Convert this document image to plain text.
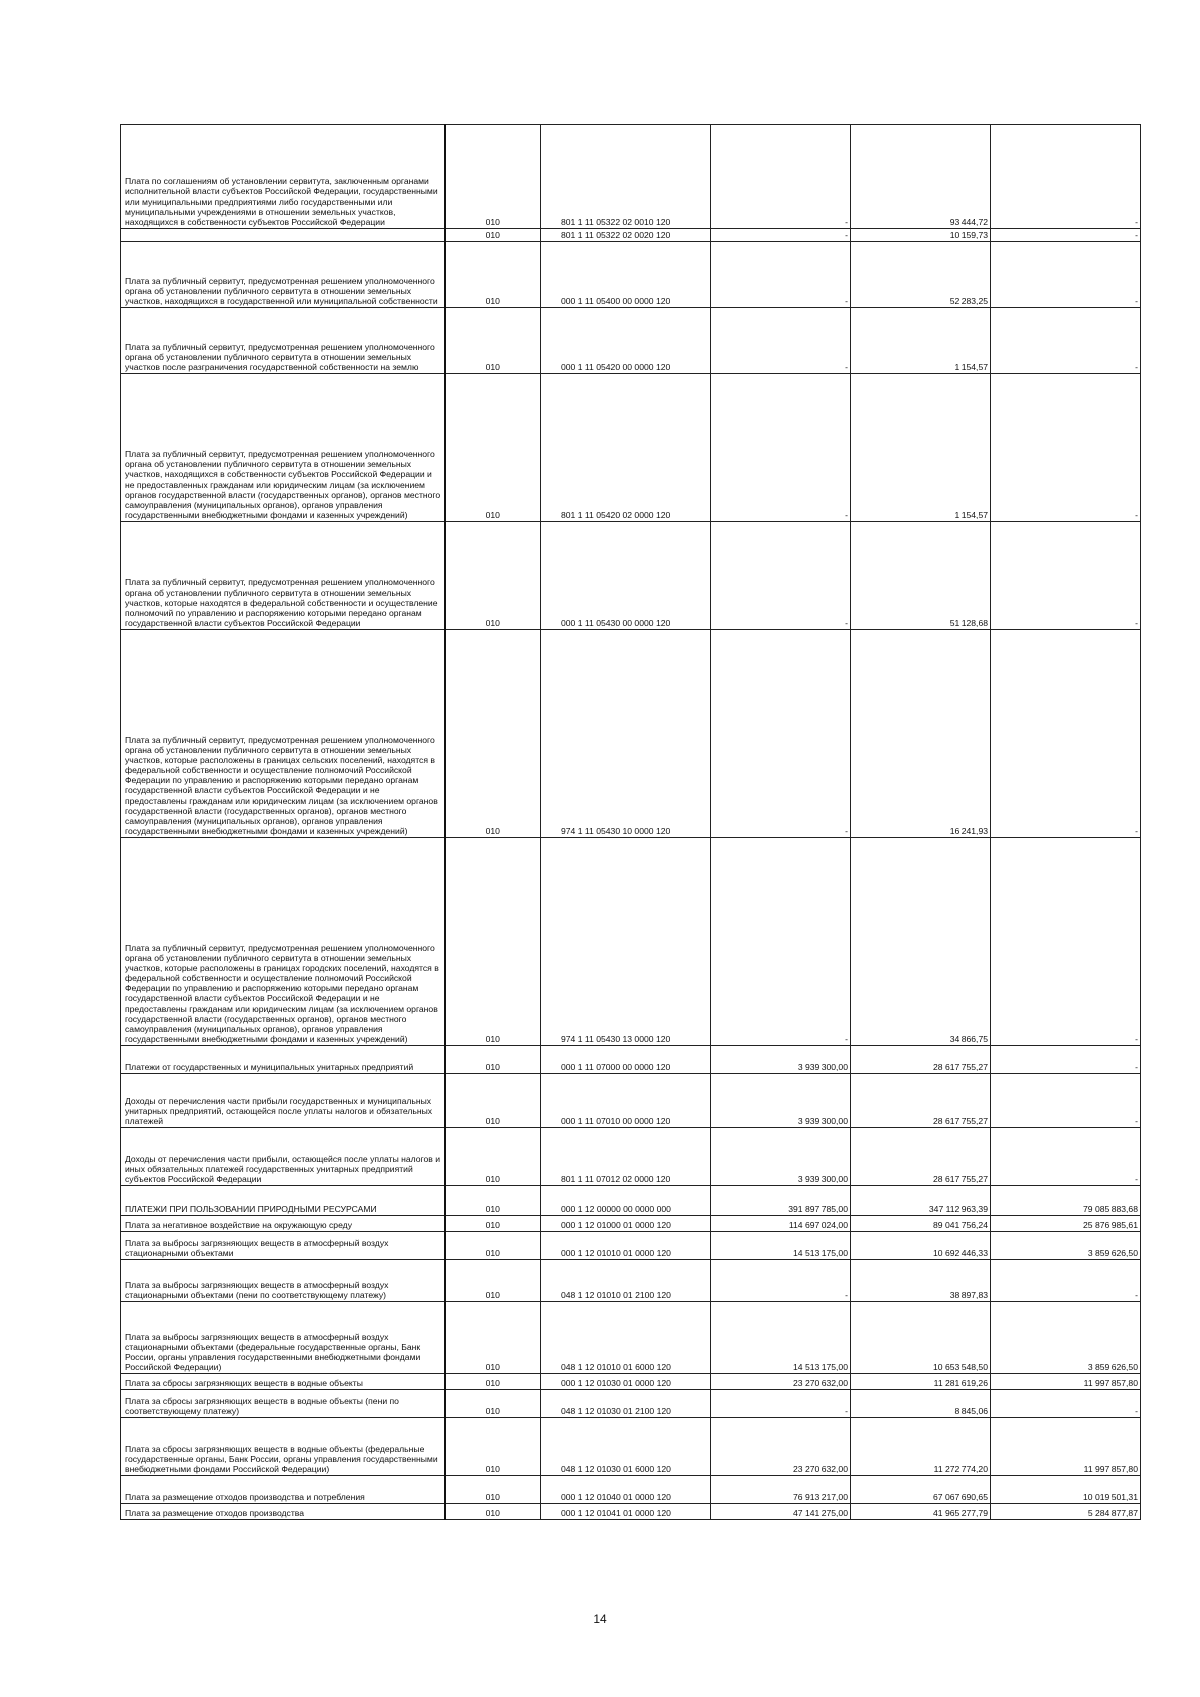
Плата по соглашениям об установлении сервитута, заключенным органами исполнительной власти субъектов Российской Федерации, государственными или муниципальными предприятиями либо государственными или муниципальными учреждениями в отношении земельных участков, находящихся в собственности субъектов Российской Федерации	010	801 1 11 05322 02 0010 120	-	93 444,72	-
	010	801 1 11 05322 02 0020 120	-	10 159,73	-
Плата за публичный сервитут, предусмотренная решением уполномоченного органа об установлении публичного сервитута в отношении земельных участков, находящихся в государственной или муниципальной собственности	010	000 1 11 05400 00 0000 120	-	52 283,25	-
Плата за публичный сервитут, предусмотренная решением уполномоченного органа об установлении публичного сервитута в отношении земельных участков после разграничения государственной собственности на землю	010	000 1 11 05420 00 0000 120	-	1 154,57	-
Плата за публичный сервитут, предусмотренная решением уполномоченного органа об установлении публичного сервитута в отношении земельных участков, находящихся в собственности субъектов Российской Федерации и не предоставленных гражданам или юридическим лицам (за исключением органов государственной власти (государственных органов), органов местного самоуправления (муниципальных органов), органов управления государственными внебюджетными фондами и казенных учреждений)	010	801 1 11 05420 02 0000 120	-	1 154,57	-
Плата за публичный сервитут, предусмотренная решением уполномоченного органа об установлении публичного сервитута в отношении земельных участков, которые находятся в федеральной собственности и осуществление полномочий по управлению и распоряжению которыми передано органам государственной власти субъектов Российской Федерации	010	000 1 11 05430 00 0000 120	-	51 128,68	-
Плата за публичный сервитут, предусмотренная решением уполномоченного органа об установлении публичного сервитута в отношении земельных участков, которые расположены в границах сельских поселений, находятся в федеральной собственности и осуществление полномочий Российской Федерации по управлению и распоряжению которыми передано органам государственной власти субъектов Российской Федерации и не предоставлены гражданам или юридическим лицам (за исключением органов государственной власти (государственных органов), органов местного самоуправления (муниципальных органов), органов управления государственными внебюджетными фондами и казенных учреждений)	010	974 1 11 05430 10 0000 120	-	16 241,93	-
Плата за публичный сервитут, предусмотренная решением уполномоченного органа об установлении публичного сервитута в отношении земельных участков, которые расположены в границах городских поселений, находятся в федеральной собственности и осуществление полномочий Российской Федерации по управлению и распоряжению которыми передано органам государственной власти субъектов Российской Федерации и не предоставлены гражданам или юридическим лицам (за исключением органов государственной власти (государственных органов), органов местного самоуправления (муниципальных органов), органов управления государственными внебюджетными фондами и казенных учреждений)	010	974 1 11 05430 13 0000 120	-	34 866,75	-
Платежи от государственных и муниципальных унитарных предприятий	010	000 1 11 07000 00 0000 120	3 939 300,00	28 617 755,27	-
Доходы от перечисления части прибыли государственных и муниципальных унитарных предприятий, остающейся после уплаты налогов и обязательных платежей	010	000 1 11 07010 00 0000 120	3 939 300,00	28 617 755,27	-
Доходы от перечисления части прибыли, остающейся после уплаты налогов и иных обязательных платежей государственных унитарных предприятий субъектов Российской Федерации	010	801 1 11 07012 02 0000 120	3 939 300,00	28 617 755,27	-
ПЛАТЕЖИ ПРИ ПОЛЬЗОВАНИИ ПРИРОДНЫМИ РЕСУРСАМИ	010	000 1 12 00000 00 0000 000	391 897 785,00	347 112 963,39	79 085 883,68
Плата за негативное воздействие на окружающую среду	010	000 1 12 01000 01 0000 120	114 697 024,00	89 041 756,24	25 876 985,61
Плата за выбросы загрязняющих веществ в атмосферный воздух стационарными объектами	010	000 1 12 01010 01 0000 120	14 513 175,00	10 692 446,33	3 859 626,50
Плата за выбросы загрязняющих веществ в атмосферный воздух стационарными объектами (пени по соответствующему платежу)	010	048 1 12 01010 01 2100 120	-	38 897,83	-
Плата за выбросы загрязняющих веществ в атмосферный воздух стационарными объектами (федеральные государственные органы, Банк России, органы управления государственными внебюджетными фондами Российской Федерации)	010	048 1 12 01010 01 6000 120	14 513 175,00	10 653 548,50	3 859 626,50
Плата за сбросы загрязняющих веществ в водные объекты	010	000 1 12 01030 01 0000 120	23 270 632,00	11 281 619,26	11 997 857,80
Плата за сбросы загрязняющих веществ в водные объекты (пени по соответствующему платежу)	010	048 1 12 01030 01 2100 120	-	8 845,06	-
Плата за сбросы загрязняющих веществ в водные объекты (федеральные государственные органы, Банк России, органы управления государственными внебюджетными фондами Российской Федерации)	010	048 1 12 01030 01 6000 120	23 270 632,00	11 272 774,20	11 997 857,80
Плата за размещение отходов производства и потребления	010	000 1 12 01040 01 0000 120	76 913 217,00	67 067 690,65	10 019 501,31
Плата за размещение отходов производства	010	000 1 12 01041 01 0000 120	47 141 275,00	41 965 277,79	5 284 877,87
14
